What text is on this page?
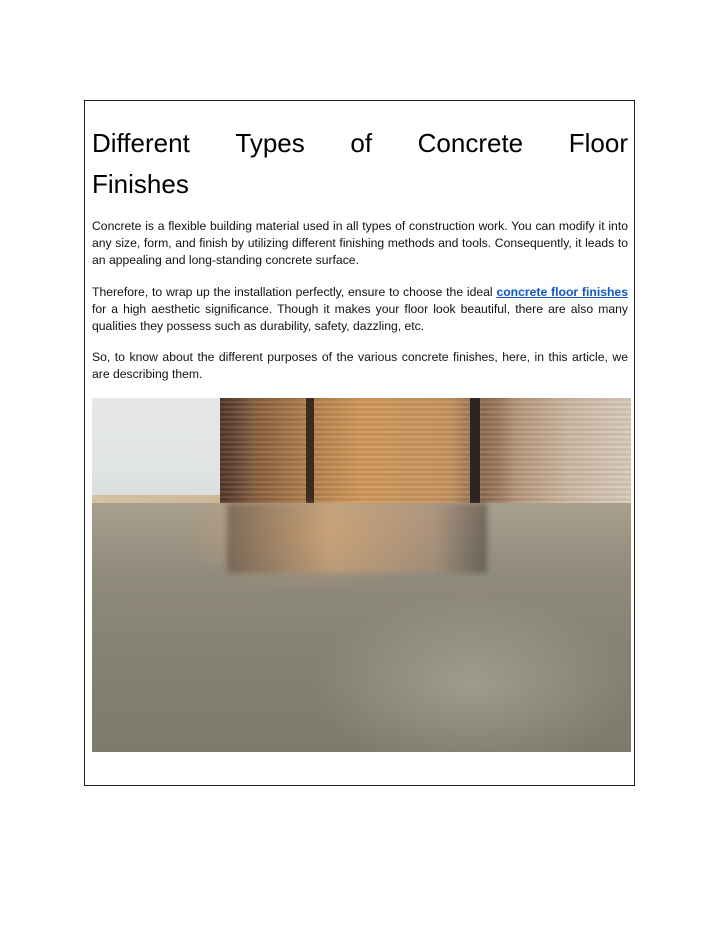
Different Types of Concrete Floor
Finishes

Concrete is a flexible building material used in all types of construction work. You can modify it into any size, form, and finish by utilizing different finishing methods and tools. Consequently, it leads to an appealing and long-standing concrete surface.

Therefore, to wrap up the installation perfectly, ensure to choose the ideal concrete floor finishes for a high aesthetic significance. Though it makes your floor look beautiful, there are also many qualities they possess such as durability, safety, dazzling, etc.

So, to know about the different purposes of the various concrete finishes, here, in this article, we are describing them.
